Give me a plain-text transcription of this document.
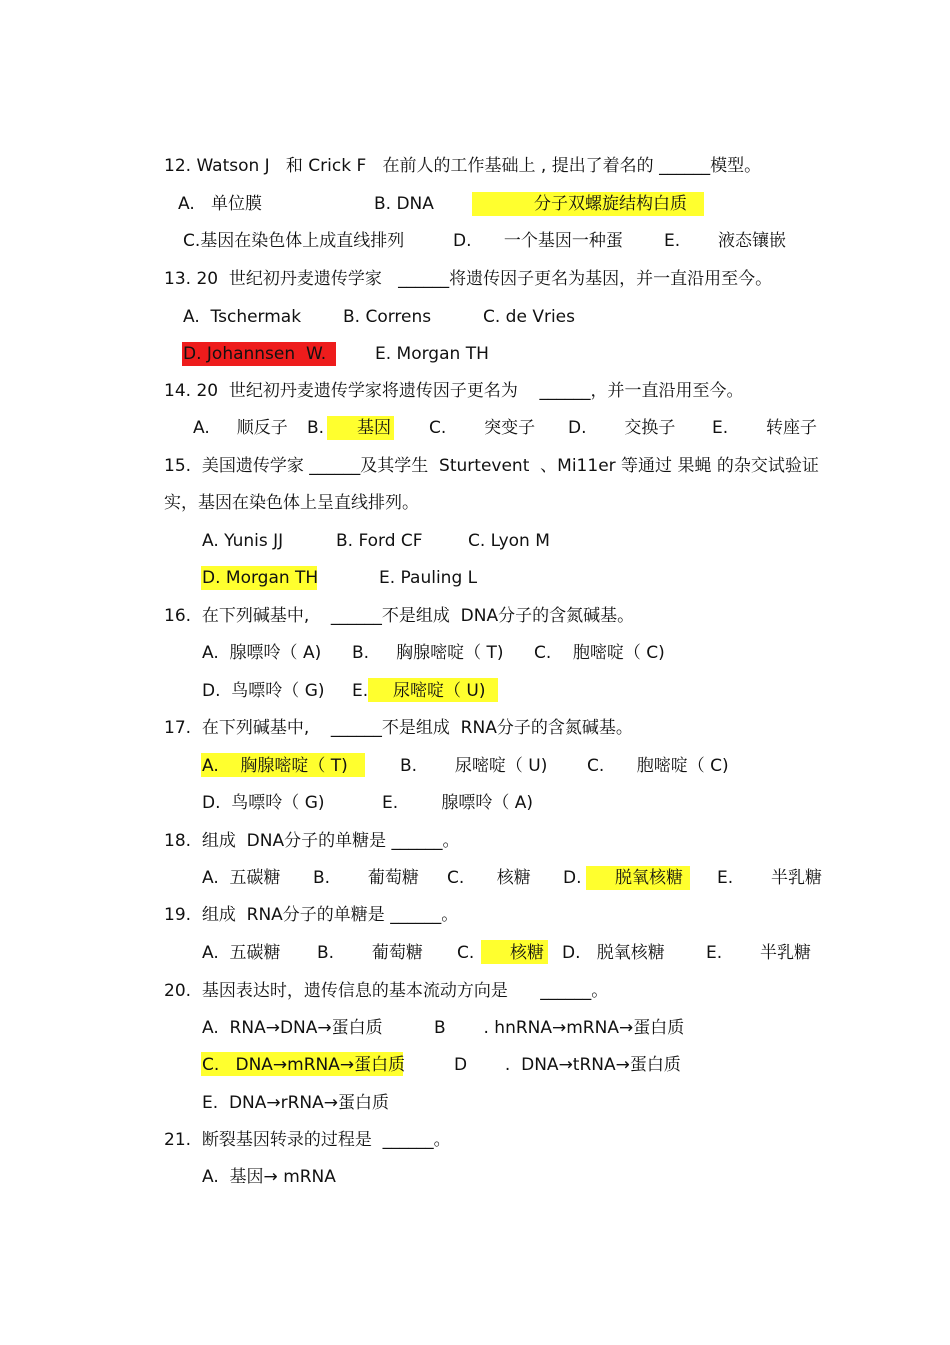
12. Watson J   和 Crick F   在前人的工作基础上 , 提出了着名的 ______模型。
A.   单位膜	B. DNA	分子双螺旋结构白质
C.基因在染色体上成直线排列	D.      一个基因一种蛋 E.       液态镶嵌
13. 20  世纪初丹麦遗传学家   ______将遗传因子更名为基因，并一直沿用至今。
A.  Tschermak B. Correns	C. de Vries
D. Johannsen  W.	E. Morgan TH
14. 20  世纪初丹麦遗传学家将遗传因子更名为    ______，并一直沿用至今。
A.     顺反子 B. 基因 C.       突变子 D.       交换子 E.       转座子
15.  美国遗传学家 ______及其学生  Sturtevent  、Mi11er 等通过 果蝇 的杂交试验证
实，基因在染色体上呈直线排列。
A. Yunis JJ	B. Ford CF	C. Lyon M
D. Morgan TH	E. Pauling L
16.  在下列碱基中,    ______不是组成  DNA分子的含氮碱基。
A.  腺嘌呤（ A) B.     胸腺嘧啶（ T) C.    胞嘧啶（ C)
D.  鸟嘌呤（ G) E. 尿嘧啶（ U)
17.  在下列碱基中,    ______不是组成  RNA分子的含氮碱基。
A.    胸腺嘧啶（ T)	B.       尿嘧啶（ U) C.      胞嘧啶（ C)
D.  鸟嘌呤（ G)	E.        腺嘌呤（ A)
18.  组成  DNA分子的单糖是 ______。
A.  五碳糖 B.       葡萄糖 C.      核糖 D. 脱氧核糖 E.       半乳糖
19.  组成  RNA分子的单糖是 ______。
A.  五碳糖 B.       葡萄糖 C. 核糖 D.   脱氧核糖 E.       半乳糖
20.  基因表达时，遗传信息的基本流动方向是      ______。
A.  RNA→DNA→蛋白质	B       . hnRNA→mRNA→蛋白质
C.   DNA→mRNA→蛋白质	D       .  DNA→tRNA→蛋白质
E.  DNA→rRNA→蛋白质
21.  断裂基因转录的过程是  ______。
A.  基因→ mRNA
